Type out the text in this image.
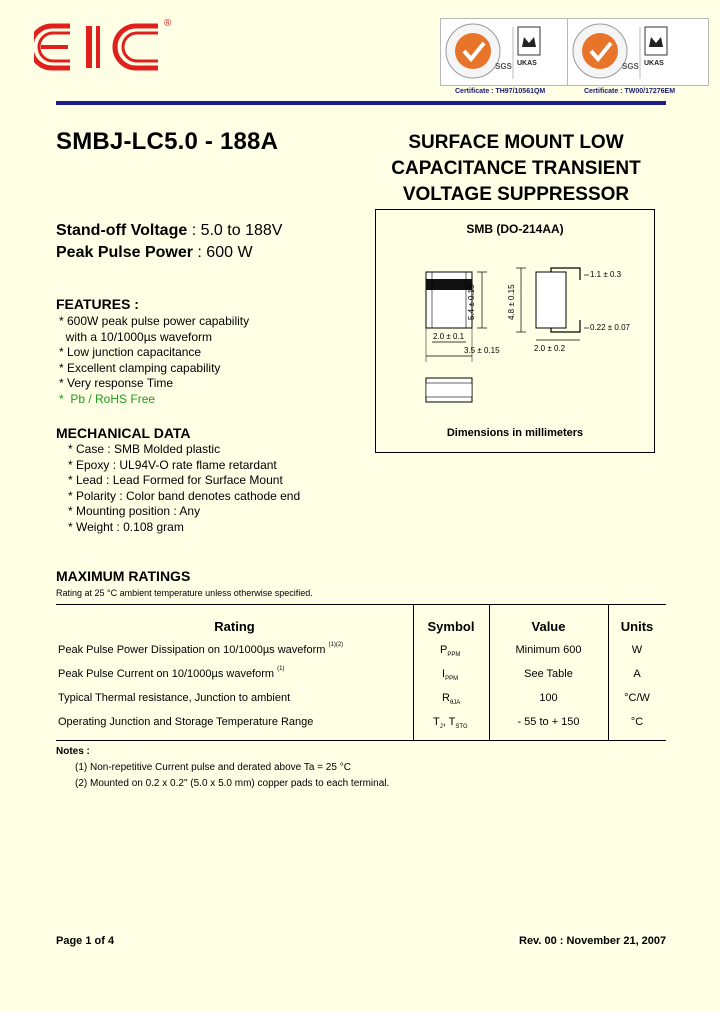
®
SGS UKAS
Certificate : TH97/10561QM
SGS UKAS
Certificate : TW00/17276EM
SMBJ-LC5.0 - 188A	SURFACE MOUNT LOW
CAPACITANCE TRANSIENT
VOLTAGE SUPPRESSOR
Stand-off Voltage : 5.0 to 188V
Peak Pulse Power : 600 W
FEATURES :
* 600W peak pulse power capability
with a 10/1000µs waveform
* Low junction capacitance
* Excellent clamping capability
* Very response Time
*  Pb / RoHS Free
MECHANICAL DATA
* Case : SMB Molded plastic
* Epoxy : UL94V-O rate flame retardant
* Lead : Lead Formed for Surface Mount
* Polarity : Color band denotes cathode end
* Mounting position : Any
* Weight : 0.108 gram
SMB (DO-214AA)
5.4 ± 0.15	4.8 ± 0.15
2.0 ± 0.1
3.5 ± 0.15
1.1 ± 0.3
0.22 ± 0.07
2.0 ± 0.2
Dimensions in millimeters
MAXIMUM RATINGS
Rating at 25 °C ambient temperature unless otherwise specified.
Rating	Symbol	Value	Units
Peak Pulse Power Dissipation on 10/1000µs waveform $^{(1)(2)}$	$P_{PPM}$	Minimum 600	W
Peak Pulse Current on 10/1000µs waveform $^{(1)}$	$I_{PPM}$	See Table	A
Typical Thermal resistance, Junction to ambient	$R_{\theta JA}$	100	°C/W
Operating Junction and Storage Temperature Range	$T_J$, $T_{STG}$	- 55 to + 150	°C
Notes :
(1) Non-repetitive Current pulse and derated above Ta = 25 °C
(2) Mounted on 0.2 x 0.2" (5.0 x 5.0 mm) copper pads to each terminal.
Page 1 of 4	Rev. 00 : November 21, 2007
